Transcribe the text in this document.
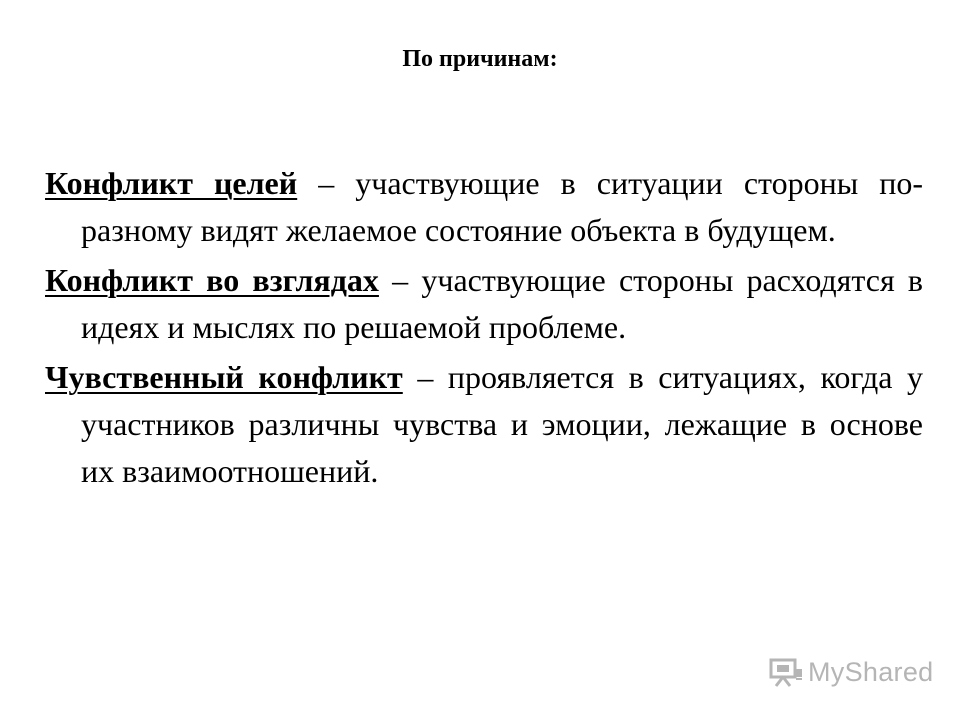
По причинам:

Конфликт целей – участвующие в ситуации стороны по-разному видят желаемое состояние объекта в будущем.

Конфликт во взглядах – участвующие стороны расходятся в идеях и мыслях по решаемой проблеме.

Чувственный конфликт – проявляется в ситуациях, когда у участников различны чувства и эмоции, лежащие в основе их взаимоотношений.

MyShared
